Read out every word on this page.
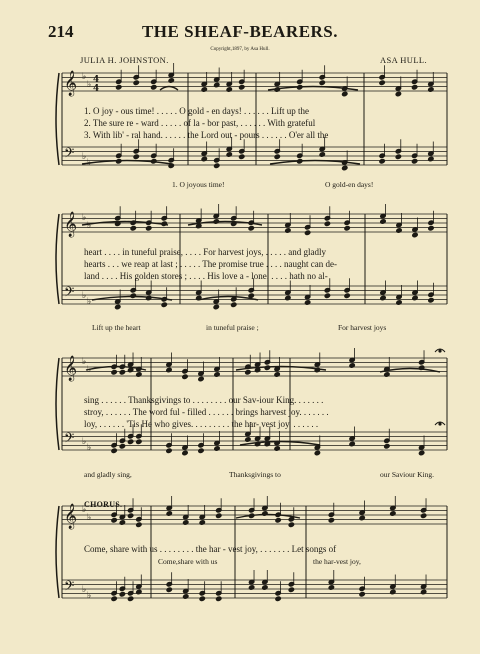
214	THE SHEAF-BEARERS.
Copyright,1897, by Asa Hull.
JULIA H. JOHNSTON.	ASA HULL.
𝄞
𝄢
♭
♭
♭
♭
4
4
𝄞
𝄢
♭
♭
♭
♭
𝄞
𝄢
♭
♭
♭
♭
𝄞
𝄢
♭
♭
♭
♭
1. O joy - ous time! . . . . . O gold - en days! . . . . . . Lift up the
2. The sure re - ward . . . . . of la - bor past, . . . . . . With grateful
3. With lib' - ral hand. . . . . . the Lord out - pours . . . . . . O'er all the
1. O joyous time!	O gold-en days!
heart . . . . in tuneful praise, . . . . For harvest joys, . . . . . and gladly
hearts . . . we reap at last ; . . . . . The promise true . . . . naught can de-
land . . . . His golden stores ; . . . . His love a - lone. . . . . hath no al-
Lift up the heart	in tuneful praise ;	For harvest joys
sing . . . . . . Thanksgivings to . . . . . . . . our Sav-iour King. . . . . . .
stroy, . . . . . . The word ful - filled . . . . . . brings harvest joy. . . . . . .
loy, . . . . . . 'Tis He who gives. . . . . . . . . the har- vest joy. . . . . . .
and gladly sing,	Thanksgivings to	our Saviour King.
CHORUS.
Come, share with us . . . . . . . . the har - vest joy, . . . . . . . Let songs of
Come,share with us	the har-vest joy,
